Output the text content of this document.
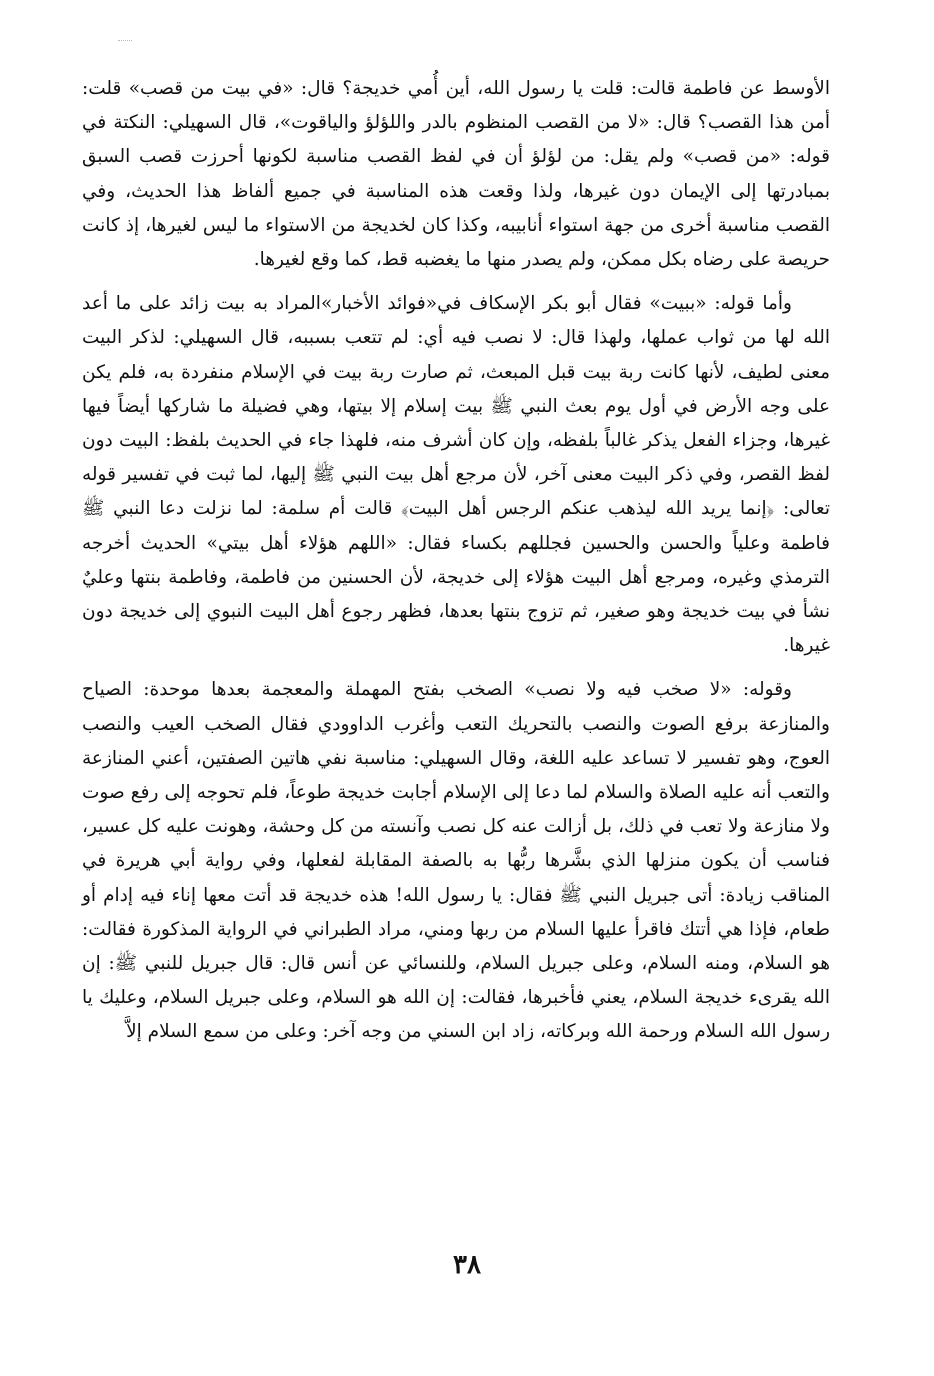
الأوسط عن فاطمة قالت: قلت يا رسول الله، أين أُمي خديجة؟ قال: «في بيت من قصب» قلت: أمن هذا القصب؟ قال: «لا من القصب المنظوم بالدر واللؤلؤ والياقوت»، قال السهيلي: النكتة في قوله: «من قصب» ولم يقل: من لؤلؤ أن في لفظ القصب مناسبة لكونها أحرزت قصب السبق بمبادرتها إلى الإيمان دون غيرها، ولذا وقعت هذه المناسبة في جميع ألفاظ هذا الحديث، وفي القصب مناسبة أخرى من جهة استواء أنابيبه، وكذا كان لخديجة من الاستواء ما ليس لغيرها، إذ كانت حريصة على رضاه بكل ممكن، ولم يصدر منها ما يغضبه قط، كما وقع لغيرها.

وأما قوله: «ببيت» فقال أبو بكر الإسكاف في«فوائد الأخبار»المراد به بيت زائد على ما أعد الله لها من ثواب عملها، ولهذا قال: لا نصب فيه أي: لم تتعب بسببه، قال السهيلي: لذكر البيت معنى لطيف، لأنها كانت ربة بيت قبل المبعث، ثم صارت ربة بيت في الإسلام منفردة به، فلم يكن على وجه الأرض في أول يوم بعث النبي ﷺ بيت إسلام إلا بيتها، وهي فضيلة ما شاركها أيضاً فيها غيرها، وجزاء الفعل يذكر غالباً بلفظه، وإن كان أشرف منه، فلهذا جاء في الحديث بلفظ: البيت دون لفظ القصر، وفي ذكر البيت معنى آخر، لأن مرجع أهل بيت النبي ﷺ إليها، لما ثبت في تفسير قوله تعالى: ﴿إنما يريد الله ليذهب عنكم الرجس أهل البيت﴾ قالت أم سلمة: لما نزلت دعا النبي ﷺ فاطمة وعلياً والحسن والحسين فجللهم بكساء فقال: «اللهم هؤلاء أهل بيتي» الحديث أخرجه الترمذي وغيره، ومرجع أهل البيت هؤلاء إلى خديجة، لأن الحسنين من فاطمة، وفاطمة بنتها وعليٌ نشأ في بيت خديجة وهو صغير، ثم تزوج بنتها بعدها، فظهر رجوع أهل البيت النبوي إلى خديجة دون غيرها.

وقوله: «لا صخب فيه ولا نصب» الصخب بفتح المهملة والمعجمة بعدها موحدة: الصياح والمنازعة برفع الصوت والنصب بالتحريك التعب وأغرب الداوودي فقال الصخب العيب والنصب العوج، وهو تفسير لا تساعد عليه اللغة، وقال السهيلي: مناسبة نفي هاتين الصفتين، أعني المنازعة والتعب أنه عليه الصلاة والسلام لما دعا إلى الإسلام أجابت خديجة طوعاً، فلم تحوجه إلى رفع صوت ولا منازعة ولا تعب في ذلك، بل أزالت عنه كل نصب وآنسته من كل وحشة، وهونت عليه كل عسير، فناسب أن يكون منزلها الذي بشَّرها ربُّها به بالصفة المقابلة لفعلها، وفي رواية أبي هريرة في المناقب زيادة: أتى جبريل النبي ﷺ فقال: يا رسول الله! هذه خديجة قد أتت معها إناء فيه إدام أو طعام، فإذا هي أتتك فاقرأ عليها السلام من ربها ومني، مراد الطبراني في الرواية المذكورة فقالت: هو السلام، ومنه السلام، وعلى جبريل السلام، وللنسائي عن أنس قال: قال جبريل للنبي ﷺ: إن الله يقرىء خديجة السلام، يعني فأخبرها، فقالت: إن الله هو السلام، وعلى جبريل السلام، وعليك يا رسول الله السلام ورحمة الله وبركاته، زاد ابن السني من وجه آخر: وعلى من سمع السلام إلاَّ

٣٨
